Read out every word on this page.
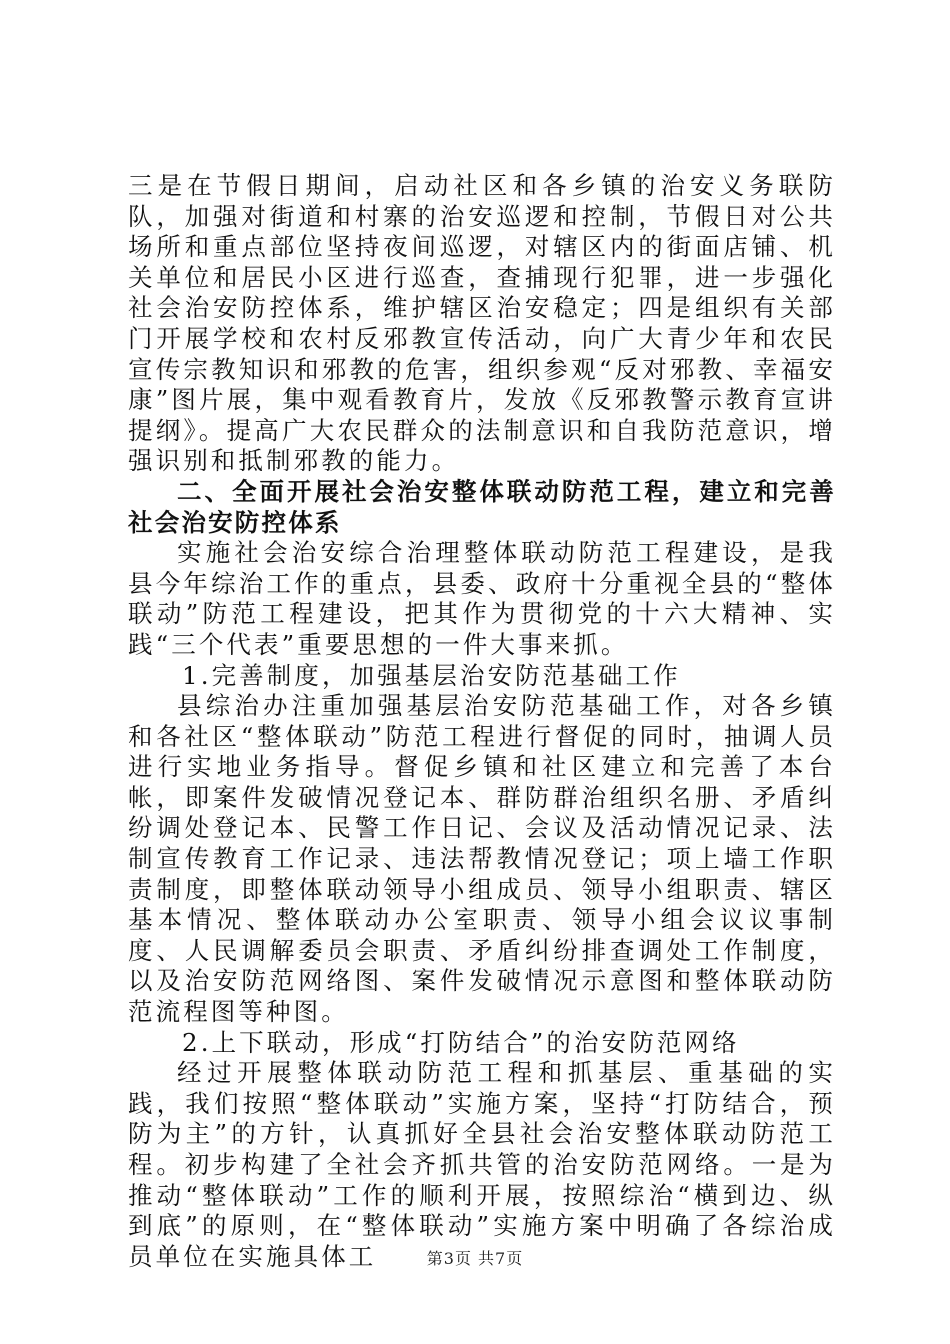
三是在节假日期间，启动社区和各乡镇的治安义务联防队，加强对街道和村寨的治安巡逻和控制，节假日对公共场所和重点部位坚持夜间巡逻，对辖区内的街面店铺、机关单位和居民小区进行巡查，查捕现行犯罪，进一步强化社会治安防控体系，维护辖区治安稳定；四是组织有关部门开展学校和农村反邪教宣传活动，向广大青少年和农民宣传宗教知识和邪教的危害，组织参观“反对邪教、幸福安康”图片展，集中观看教育片，发放《反邪教警示教育宣讲提纲》。提高广大农民群众的法制意识和自我防范意识，增强识别和抵制邪教的能力。

二、全面开展社会治安整体联动防范工程，建立和完善社会治安防控体系

实施社会治安综合治理整体联动防范工程建设，是我县今年综治工作的重点，县委、政府十分重视全县的“整体联动”防范工程建设，把其作为贯彻党的十六大精神、实践“三个代表”重要思想的一件大事来抓。

1.完善制度，加强基层治安防范基础工作

县综治办注重加强基层治安防范基础工作，对各乡镇和各社区“整体联动”防范工程进行督促的同时，抽调人员进行实地业务指导。督促乡镇和社区建立和完善了本台帐，即案件发破情况登记本、群防群治组织名册、矛盾纠纷调处登记本、民警工作日记、会议及活动情况记录、法制宣传教育工作记录、违法帮教情况登记；项上墙工作职责制度，即整体联动领导小组成员、领导小组职责、辖区基本情况、整体联动办公室职责、领导小组会议议事制度、人民调解委员会职责、矛盾纠纷排查调处工作制度，以及治安防范网络图、案件发破情况示意图和整体联动防范流程图等种图。

2.上下联动，形成“打防结合”的治安防范网络

经过开展整体联动防范工程和抓基层、重基础的实践，我们按照“整体联动”实施方案，坚持“打防结合，预防为主”的方针，认真抓好全县社会治安整体联动防范工程。初步构建了全社会齐抓共管的治安防范网络。一是为推动“整体联动”工作的顺利开展，按照综治“横到边、纵到底”的原则，在“整体联动”实施方案中明确了各综治成员单位在实施具体工	第3页 共7页
